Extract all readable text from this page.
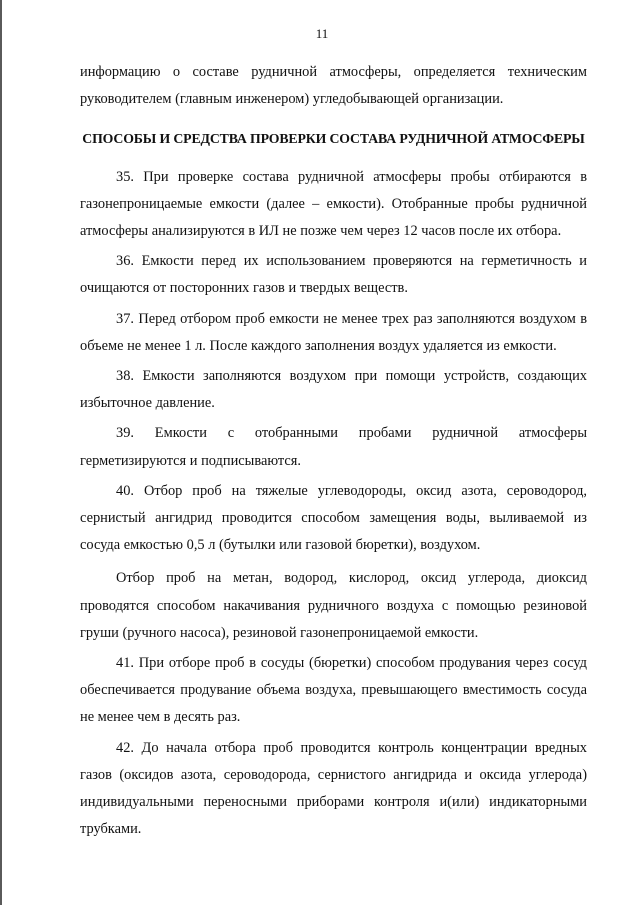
11

информацию о составе рудничной атмосферы, определяется техническим руководителем (главным инженером) угледобывающей организации.

СПОСОБЫ И СРЕДСТВА ПРОВЕРКИ СОСТАВА РУДНИЧНОЙ АТМОСФЕРЫ

35. При проверке состава рудничной атмосферы пробы отбираются в газонепроницаемые емкости (далее – емкости). Отобранные пробы рудничной атмосферы анализируются в ИЛ не позже чем через 12 часов после их отбора.

36. Емкости перед их использованием проверяются на герметичность и очищаются от посторонних газов и твердых веществ.

37. Перед отбором проб емкости не менее трех раз заполняются воздухом в объеме не менее 1 л. После каждого заполнения воздух удаляется из емкости.

38. Емкости заполняются воздухом при помощи устройств, создающих избыточное давление.

39. Емкости с отобранными пробами рудничной атмосферы герметизируются и подписываются.

40. Отбор проб на тяжелые углеводороды, оксид азота, сероводород, сернистый ангидрид проводится способом замещения воды, выливаемой из сосуда емкостью 0,5 л (бутылки или газовой бюретки), воздухом.

Отбор проб на метан, водород, кислород, оксид углерода, диоксид проводятся способом накачивания рудничного воздуха с помощью резиновой груши (ручного насоса), резиновой газонепроницаемой емкости.

41. При отборе проб в сосуды (бюретки) способом продувания через сосуд обеспечивается продувание объема воздуха, превышающего вместимость сосуда не менее чем в десять раз.

42. До начала отбора проб проводится контроль концентрации вредных газов (оксидов азота, сероводорода, сернистого ангидрида и оксида углерода) индивидуальными переносными приборами контроля и(или) индикаторными трубками.
